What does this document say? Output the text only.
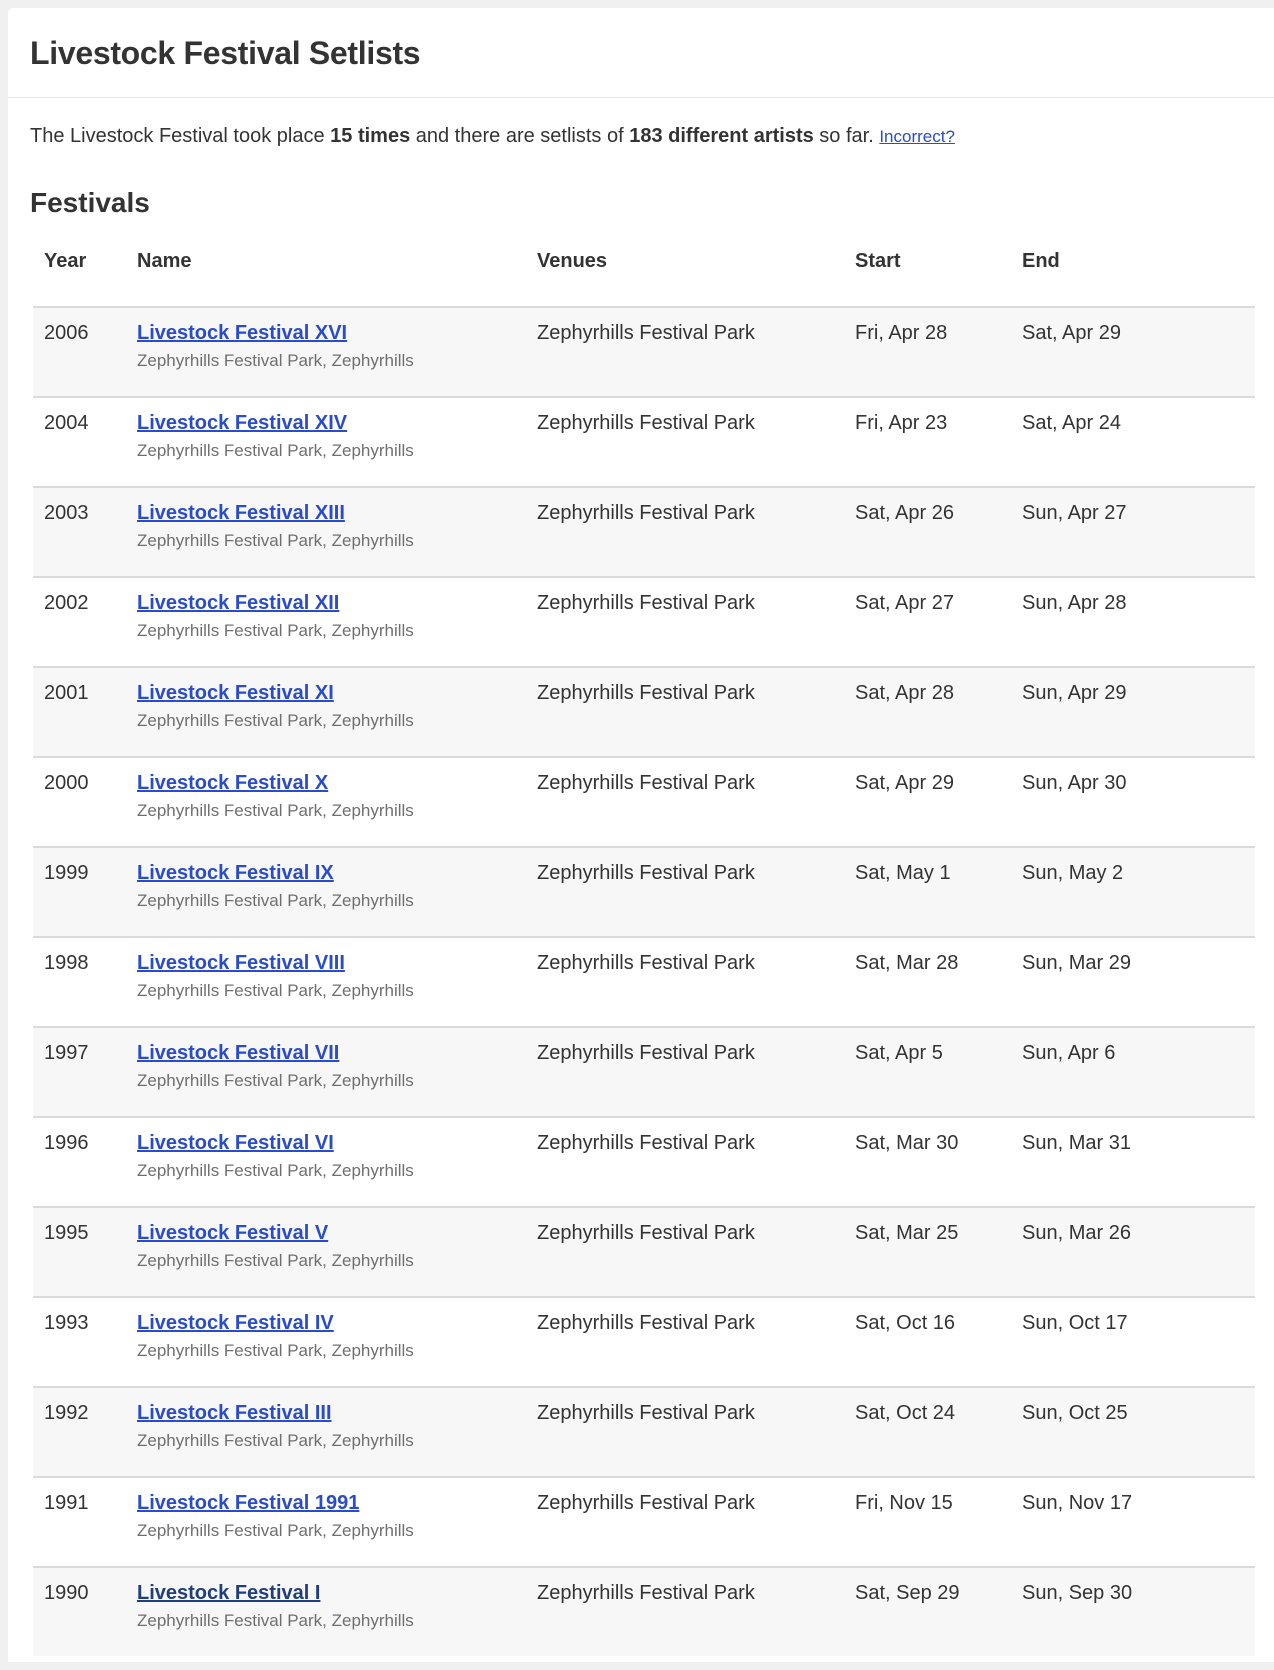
Livestock Festival Setlists

The Livestock Festival took place 15 times and there are setlists of 183 different artists so far. Incorrect?

Festivals
Year	Name	Venues	Start	End
2006	Livestock Festival XVI
Zephyrhills Festival Park, Zephyrhills	Zephyrhills Festival Park	Fri, Apr 28	Sat, Apr 29
2004	Livestock Festival XIV
Zephyrhills Festival Park, Zephyrhills	Zephyrhills Festival Park	Fri, Apr 23	Sat, Apr 24
2003	Livestock Festival XIII
Zephyrhills Festival Park, Zephyrhills	Zephyrhills Festival Park	Sat, Apr 26	Sun, Apr 27
2002	Livestock Festival XII
Zephyrhills Festival Park, Zephyrhills	Zephyrhills Festival Park	Sat, Apr 27	Sun, Apr 28
2001	Livestock Festival XI
Zephyrhills Festival Park, Zephyrhills	Zephyrhills Festival Park	Sat, Apr 28	Sun, Apr 29
2000	Livestock Festival X
Zephyrhills Festival Park, Zephyrhills	Zephyrhills Festival Park	Sat, Apr 29	Sun, Apr 30
1999	Livestock Festival IX
Zephyrhills Festival Park, Zephyrhills	Zephyrhills Festival Park	Sat, May 1	Sun, May 2
1998	Livestock Festival VIII
Zephyrhills Festival Park, Zephyrhills	Zephyrhills Festival Park	Sat, Mar 28	Sun, Mar 29
1997	Livestock Festival VII
Zephyrhills Festival Park, Zephyrhills	Zephyrhills Festival Park	Sat, Apr 5	Sun, Apr 6
1996	Livestock Festival VI
Zephyrhills Festival Park, Zephyrhills	Zephyrhills Festival Park	Sat, Mar 30	Sun, Mar 31
1995	Livestock Festival V
Zephyrhills Festival Park, Zephyrhills	Zephyrhills Festival Park	Sat, Mar 25	Sun, Mar 26
1993	Livestock Festival IV
Zephyrhills Festival Park, Zephyrhills	Zephyrhills Festival Park	Sat, Oct 16	Sun, Oct 17
1992	Livestock Festival III
Zephyrhills Festival Park, Zephyrhills	Zephyrhills Festival Park	Sat, Oct 24	Sun, Oct 25
1991	Livestock Festival 1991
Zephyrhills Festival Park, Zephyrhills	Zephyrhills Festival Park	Fri, Nov 15	Sun, Nov 17
1990	Livestock Festival I
Zephyrhills Festival Park, Zephyrhills	Zephyrhills Festival Park	Sat, Sep 29	Sun, Sep 30
